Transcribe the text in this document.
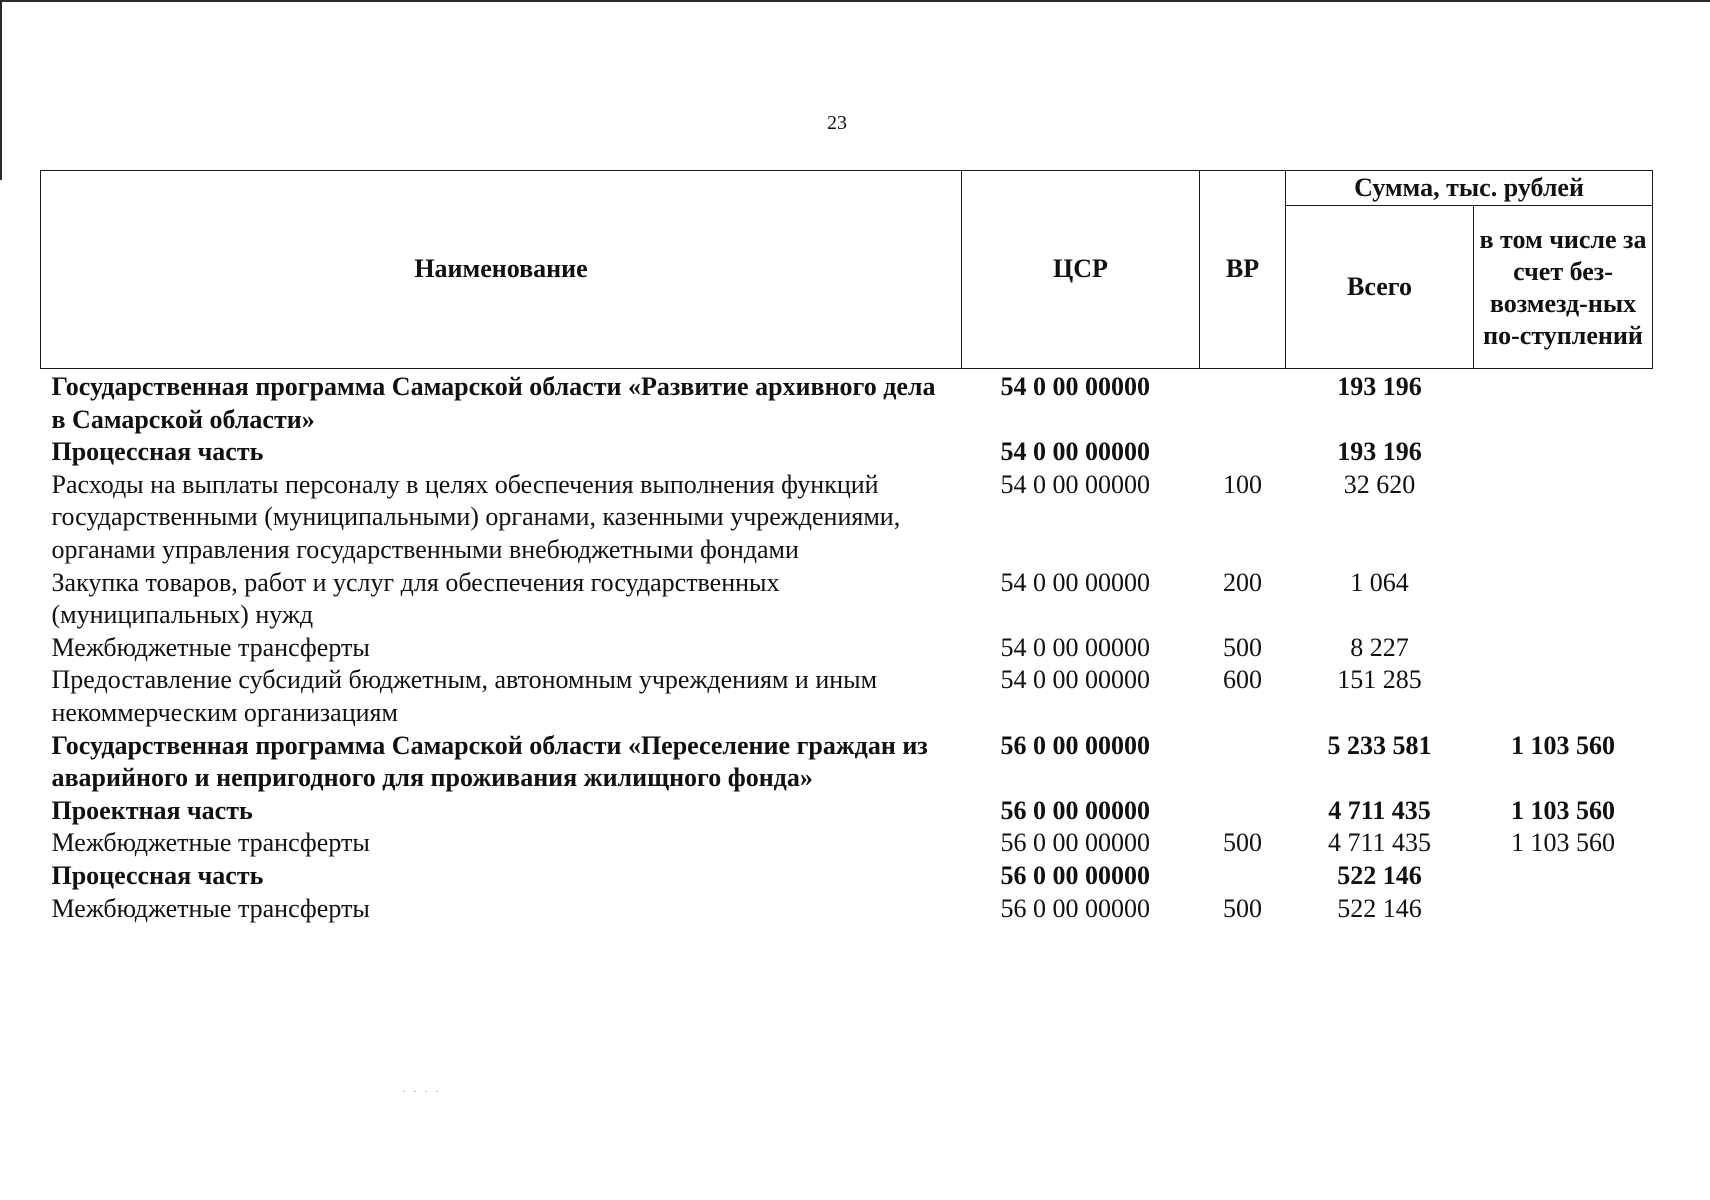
23
Наименование	ЦСР	ВР	Сумма, тыс. рублей	
			Всего	в том числе за счет без-возмезд-ных по-ступлений
Государственная программа Самарской области «Развитие архивного дела в Самарской области»	54 0 00 00000		193 196	
Процессная часть	54 0 00 00000		193 196	
Расходы на выплаты персоналу в целях обеспечения выполнения функций государственными (муниципальными) органами, казенными учреждениями, органами управления государственными внебюджетными фондами	54 0 00 00000	100	32 620	
Закупка товаров, работ и услуг для обеспечения государственных (муниципальных) нужд	54 0 00 00000	200	1 064	
Межбюджетные трансферты	54 0 00 00000	500	8 227	
Предоставление субсидий бюджетным, автономным учреждениям и иным некоммерческим организациям	54 0 00 00000	600	151 285	
Государственная программа Самарской области «Переселение граждан из аварийного и непригодного для проживания жилищного фонда»	56 0 00 00000		5 233 581	1 103 560
Проектная часть	56 0 00 00000		4 711 435	1 103 560
Межбюджетные трансферты	56 0 00 00000	500	4 711 435	1 103 560
Процессная часть	56 0 00 00000		522 146	
Межбюджетные трансферты	56 0 00 00000	500	522 146	
· · · ·
